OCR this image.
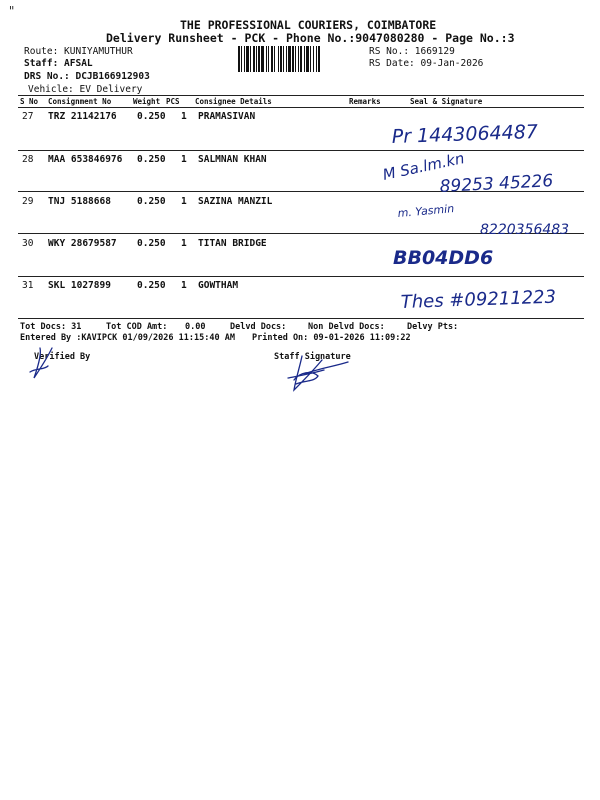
"
THE PROFESSIONAL COURIERS, COIMBATORE
Delivery Runsheet - PCK - Phone No.:9047080280 - Page No.:3
Route: KUNIYAMUTHUR
Staff: AFSAL
DRS No.: DCJB166912903
Vehicle: EV Delivery
RS No.: 1669129
RS Date: 09-Jan-2026
S No Consignment No	Weight PCS Consignee Details	Remarks	Seal & Signature
27 TRZ 21142176 0.250 1 PRAMASIVAN
28 MAA 653846976 0.250 1 SALMNAN KHAN
29 TNJ 5188668	0.250 1 SAZINA MANZIL
30 WKY 28679587 0.250 1 TITAN BRIDGE
31 SKL 1027899	0.250 1 GOWTHAM
Tot Docs: 31	Tot COD Amt: 0.00	Delvd Docs:	Non Delvd Docs:	Delvy Pts:
Entered By :KAVIPCK 01/09/2026 11:15:40 AM Printed On: 09-01-2026 11:09:22
Verified By	Staff Signature
Pr 1443064487
M Sa.lm.kn
89253 45226
m. Yasmin
8220356483
BB04DD6
Thes #09211223
